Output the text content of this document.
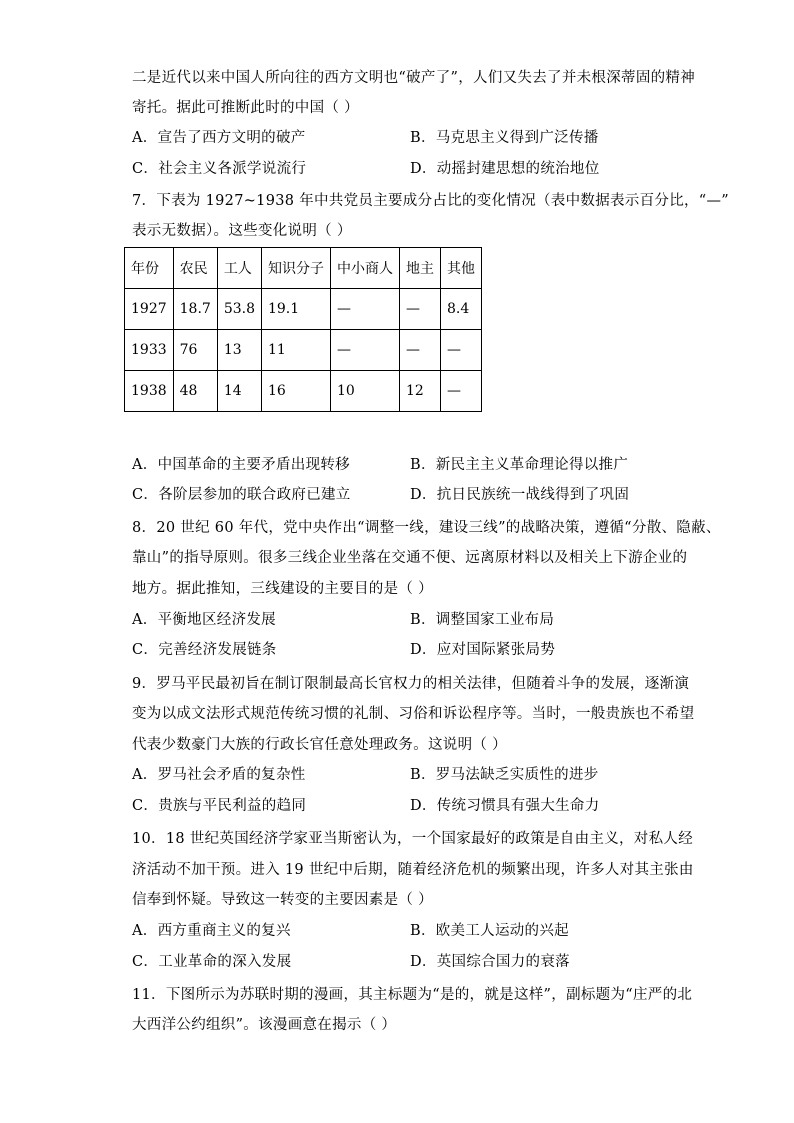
二是近代以来中国人所向往的西方文明也“破产了”，人们又失去了并未根深蒂固的精神
寄托。据此可推断此时的中国（ ）
A．宣告了西方文明的破产	B．马克思主义得到广泛传播
C．社会主义各派学说流行	D．动摇封建思想的统治地位
7．下表为 1927~1938 年中共党员主要成分占比的变化情况（表中数据表示百分比，“—”
表示无数据）。这些变化说明（ ）
年份	农民	工人	知识分子	中小商人	地主	其他
1927	18.7	53.8	19.1	—	—	8.4
1933	76	13	11	—	—	—
1938	48	14	16	10	12	—
A．中国革命的主要矛盾出现转移	B．新民主主义革命理论得以推广
C．各阶层参加的联合政府已建立	D．抗日民族统一战线得到了巩固
8．20 世纪 60 年代，党中央作出“调整一线，建设三线”的战略决策，遵循“分散、隐蔽、
靠山”的指导原则。很多三线企业坐落在交通不便、远离原材料以及相关上下游企业的
地方。据此推知，三线建设的主要目的是（ ）
A．平衡地区经济发展	B．调整国家工业布局
C．完善经济发展链条	D．应对国际紧张局势
9．罗马平民最初旨在制订限制最高长官权力的相关法律，但随着斗争的发展，逐渐演
变为以成文法形式规范传统习惯的礼制、习俗和诉讼程序等。当时，一般贵族也不希望
代表少数豪门大族的行政长官任意处理政务。这说明（ ）
A．罗马社会矛盾的复杂性	B．罗马法缺乏实质性的进步
C．贵族与平民利益的趋同	D．传统习惯具有强大生命力
10．18 世纪英国经济学家亚当斯密认为，一个国家最好的政策是自由主义，对私人经
济活动不加干预。进入 19 世纪中后期，随着经济危机的频繁出现，许多人对其主张由
信奉到怀疑。导致这一转变的主要因素是（ ）
A．西方重商主义的复兴	B．欧美工人运动的兴起
C．工业革命的深入发展	D．英国综合国力的衰落
11．下图所示为苏联时期的漫画，其主标题为“是的，就是这样”，副标题为“庄严的北
大西洋公约组织”。该漫画意在揭示（ ）
